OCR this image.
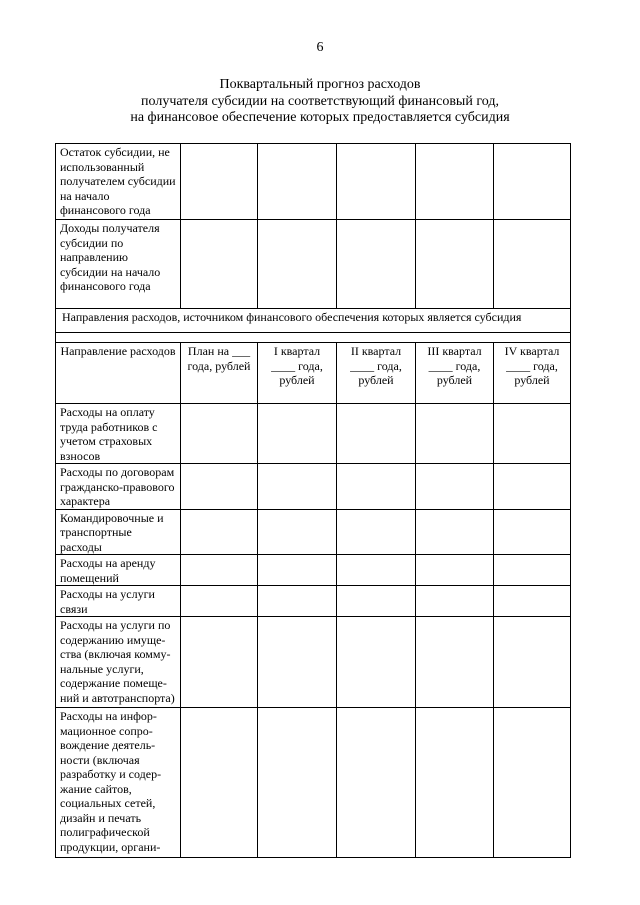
6
Поквартальный прогноз расходов
получателя субсидии на соответствующий финансовый год,
на финансовое обеспечение которых предоставляется субсидия
Остаток субсидии, не использованный получателем субсидии на начало финансового года					
Доходы получателя субсидии по направлению субсидии на начало финансового года					
Направления расходов, источником финансового обеспечения которых является субсидия					

Направление расходов	План на ___ года, рублей	I квартал ____ года, рублей	II квартал ____ года, рублей	III квартал ____ года, рублей	IV квартал ____ года, рублей
Расходы на оплату труда работников с учетом страховых взносов					
Расходы по договорам гражданско-правового характера					
Командировочные и транспортные расходы					
Расходы на аренду помещений					
Расходы на услуги связи					
Расходы на услуги по содержанию имущества (включая коммунальные услуги, содержание помещений и автотранспорта)					
Расходы на информационное сопровождение деятельности (включая разработку и содержание сайтов, социальных сетей, дизайн и печать полиграфической продукции, органи-					
